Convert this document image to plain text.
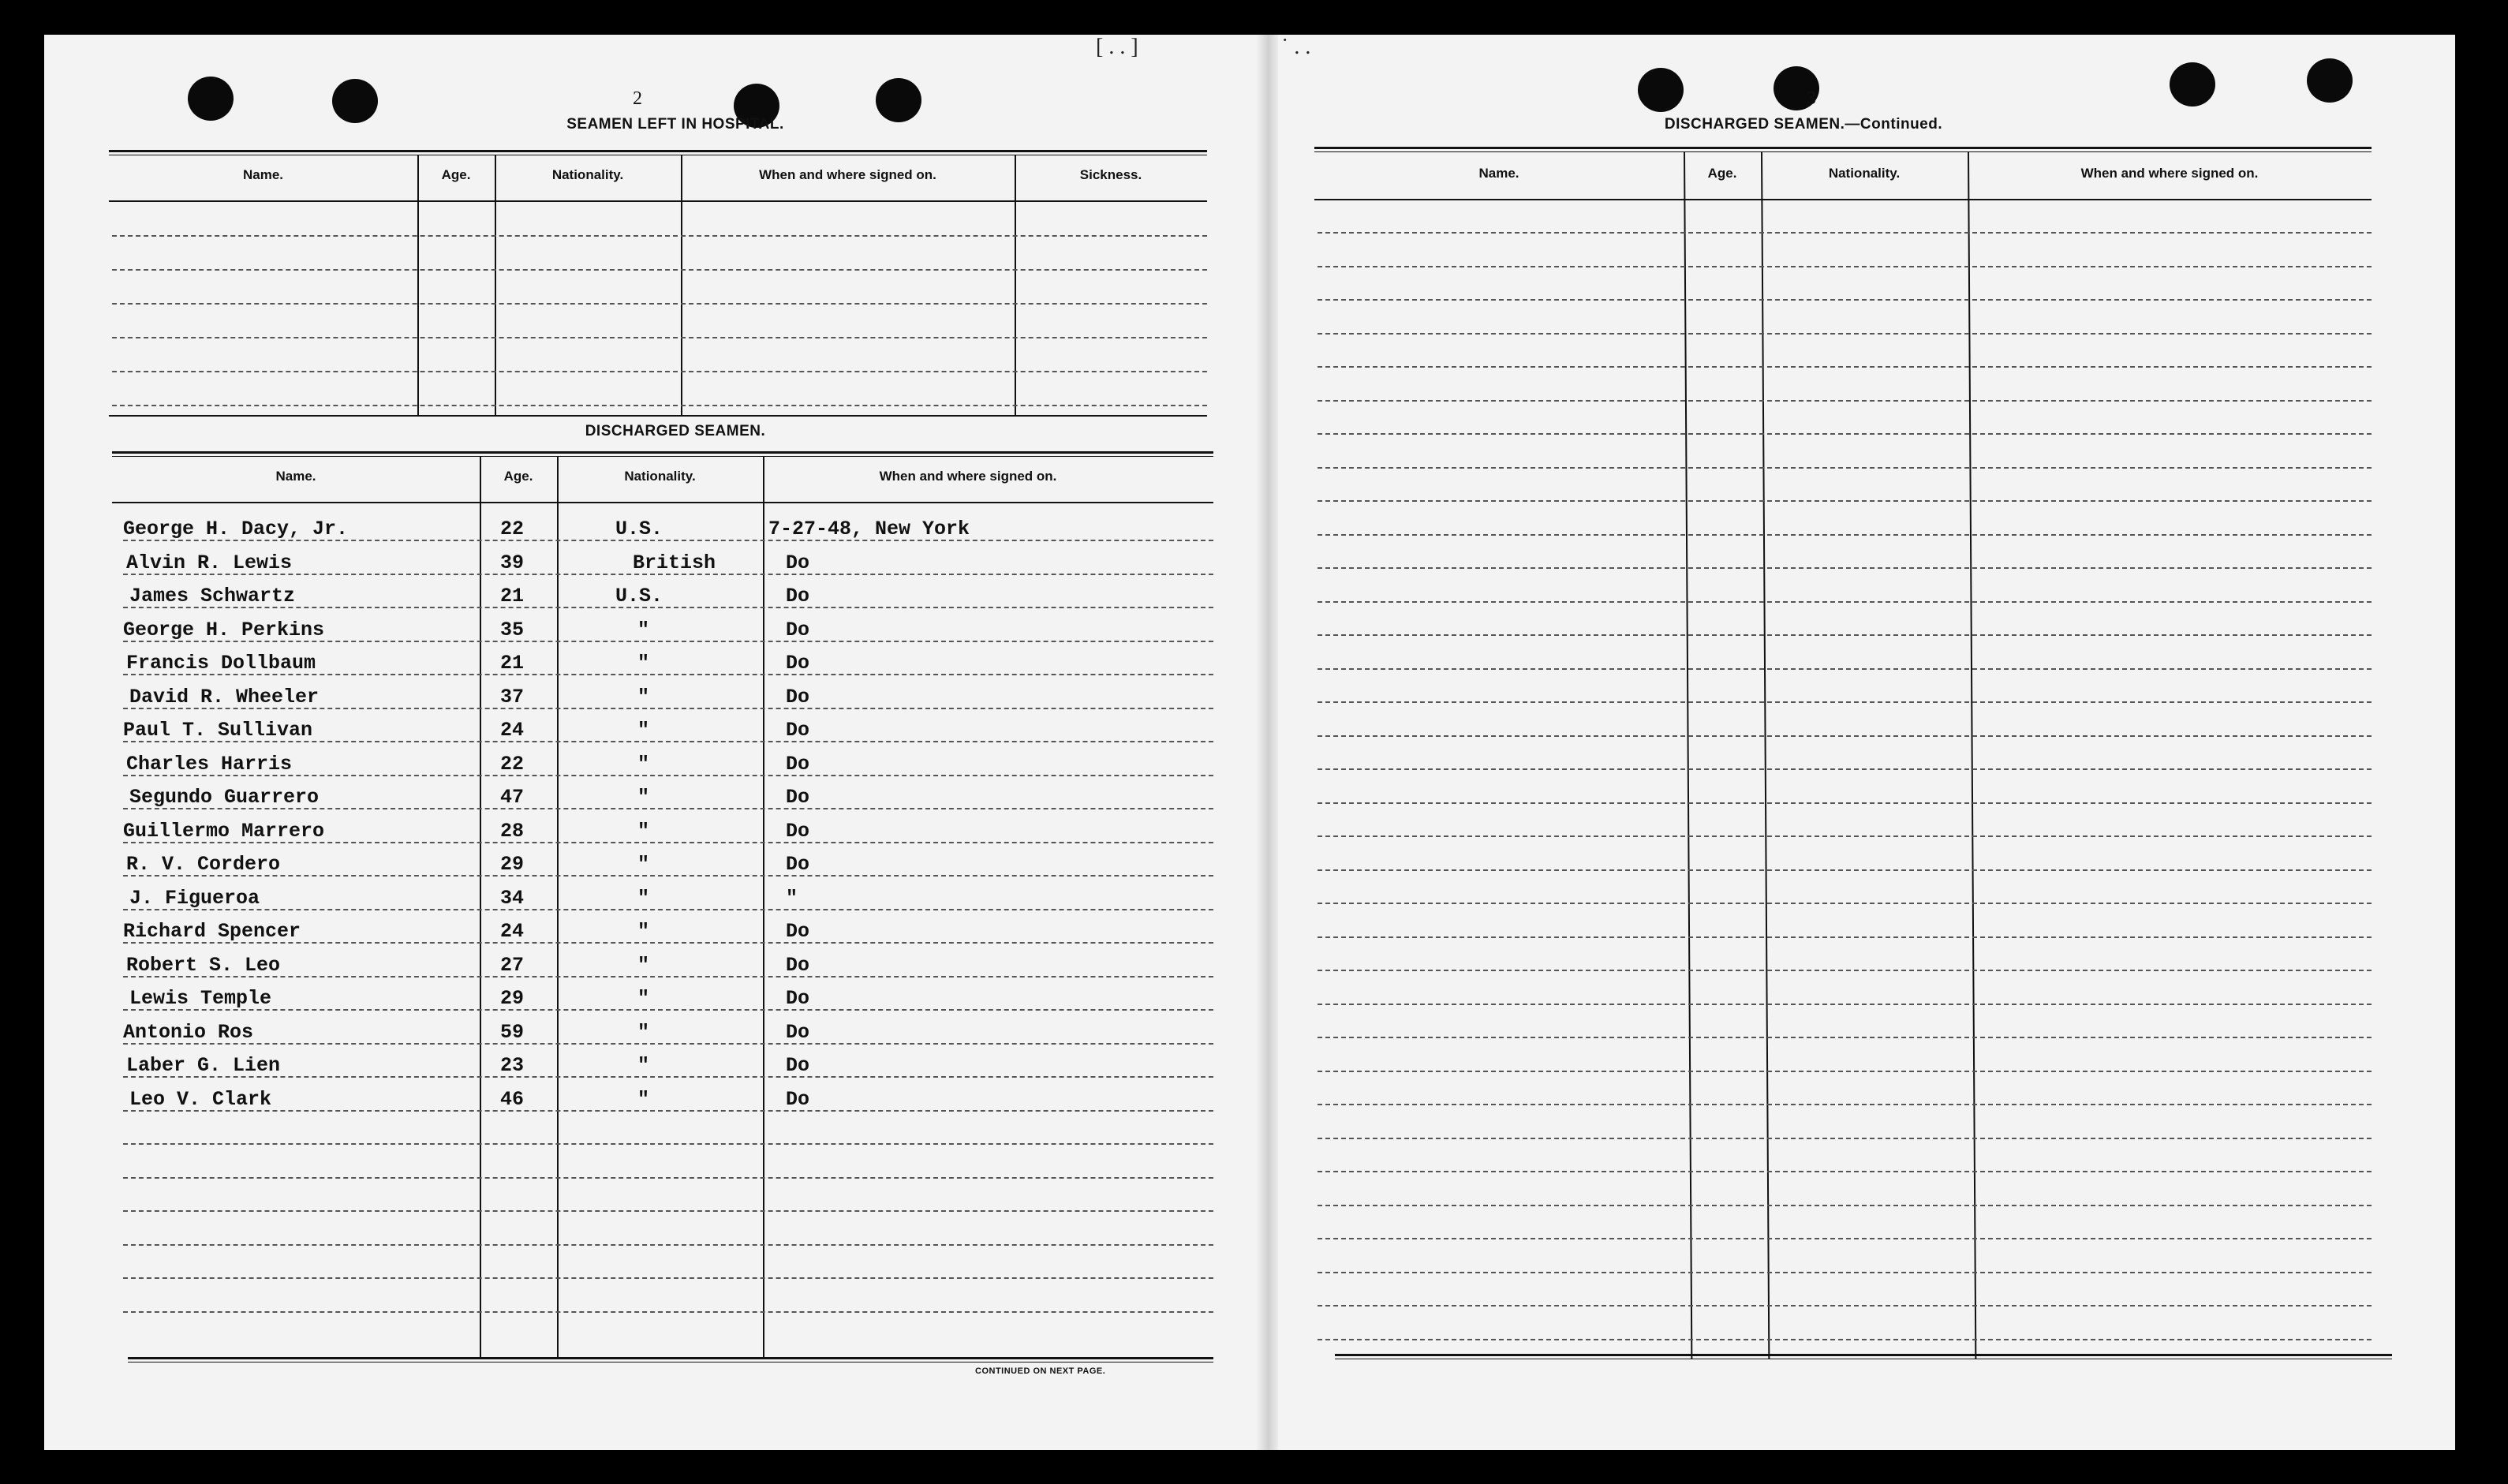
[ . . ]	˙ . .
2
SEAMEN LEFT IN HOSPITAL.
Name.	Age.	Nationality.	When and where signed on.	Sickness.
DISCHARGED SEAMEN.
Name.	Age.	Nationality.	When and where signed on.
George H. Dacy, Jr.	22	U.S.	7-27-48, New York
Alvin R. Lewis	39	British	Do
James Schwartz	21	U.S.	Do
George H. Perkins	35	"	Do
Francis Dollbaum	21	"	Do
David R. Wheeler	37	"	Do
Paul T. Sullivan	24	"	Do
Charles Harris	22	"	Do
Segundo Guarrero	47	"	Do
Guillermo Marrero	28	"	Do
R. V. Cordero	29	"	Do
J. Figueroa	34	"	"
Richard Spencer	24	"	Do
Robert S. Leo	27	"	Do
Lewis Temple	29	"	Do
Antonio Ros	59	"	Do
Laber G. Lien	23	"	Do
Leo V. Clark	46	"	Do
CONTINUED ON NEXT PAGE.
3
DISCHARGED SEAMEN.—Continued.
Name.	Age.	Nationality.	When and where signed on.
